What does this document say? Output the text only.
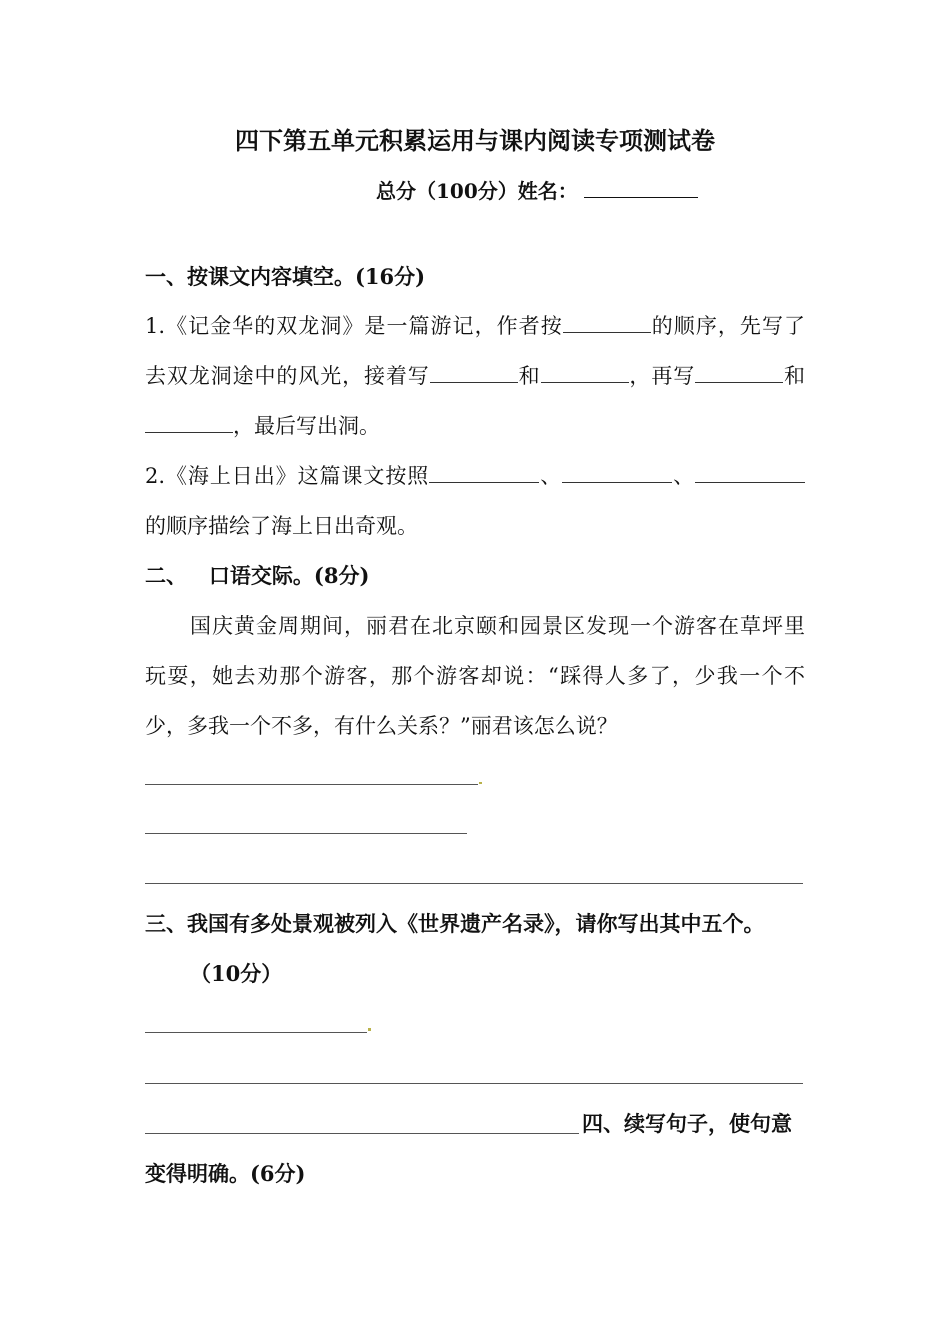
四下第五单元积累运用与课内阅读专项测试卷
总分（100分）姓名：
一、按课文内容填空。(16分)
1.《记金华的双龙洞》是一篇游记，作者按	的顺序，先写了
去双龙洞途中的风光，接着写	和	，再写	和
，最后写出洞。
2.《海上日出》这篇课文按照	、	、
的顺序描绘了海上日出奇观。
二、   口语交际。(8分)
国庆黄金周期间，丽君在北京颐和园景区发现一个游客在草坪里
玩耍，她去劝那个游客，那个游客却说：“踩得人多了，少我一个不
少，多我一个不多，有什么关系？”丽君该怎么说？
三、我国有多处景观被列入《世界遗产名录》，请你写出其中五个。
（10分）
四、续写句子，使句意
变得明确。(6分)
